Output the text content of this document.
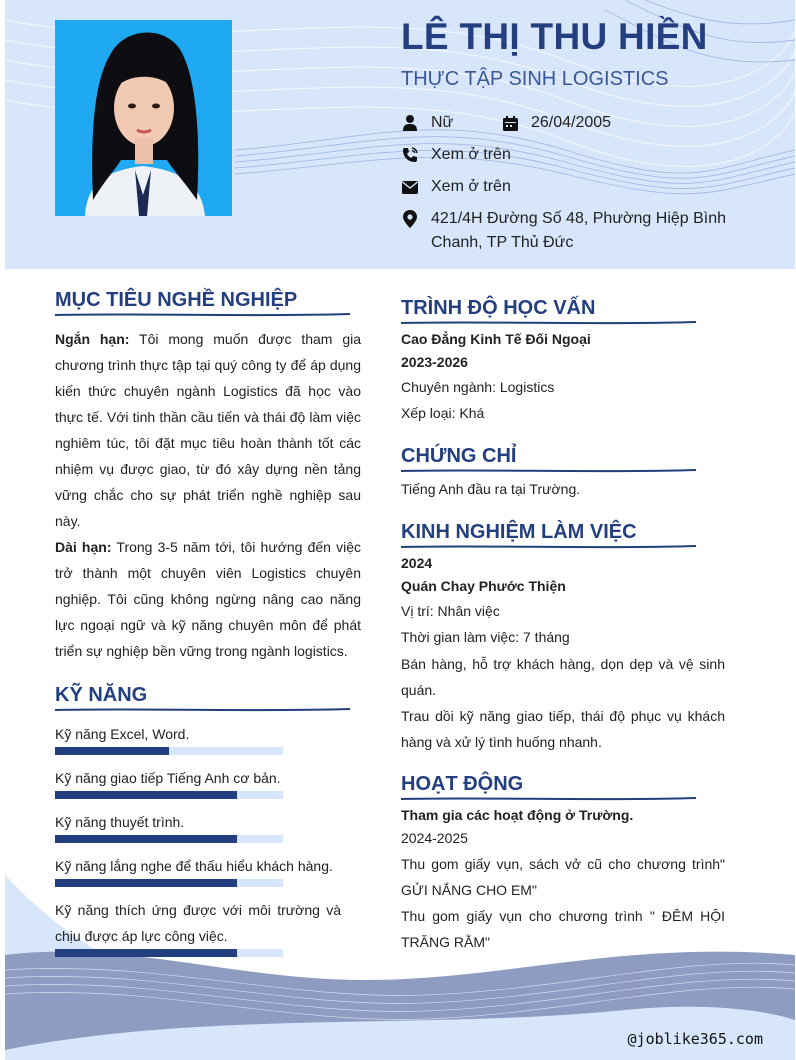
LÊ THỊ THU HIỀN
THỰC TẬP SINH LOGISTICS
Nữ	26/04/2005
Xem ở trên
Xem ở trên
421/4H Đường Số 48, Phường Hiệp Bình
Chanh, TP Thủ Đức
MỤC TIÊU NGHỀ NGHIỆP
Ngắn hạn: Tôi mong muốn được tham gia chương trình thực tập tại quý công ty để áp dụng kiến thức chuyên ngành Logistics đã học vào thực tế. Với tinh thần cầu tiến và thái độ làm việc nghiêm túc, tôi đặt mục tiêu hoàn thành tốt các nhiệm vụ được giao, từ đó xây dựng nền tảng vững chắc cho sự phát triển nghề nghiệp sau này.
Dài hạn: Trong 3-5 năm tới, tôi hướng đến việc trở thành một chuyên viên Logistics chuyên nghiệp. Tôi cũng không ngừng nâng cao năng lực ngoại ngữ và kỹ năng chuyên môn để phát triển sự nghiệp bền vững trong ngành logistics.
KỸ NĂNG
Kỹ năng Excel, Word.
Kỹ năng giao tiếp Tiếng Anh cơ bản.
Kỹ năng thuyết trình.
Kỹ năng lắng nghe để thấu hiểu khách hàng.
Kỹ năng thích ứng được với môi trường và chịu được áp lực công việc.
TRÌNH ĐỘ HỌC VẤN
Cao Đẳng Kinh Tế Đối Ngoại
2023-2026
Chuyên ngành: Logistics
Xếp loại: Khá
CHỨNG CHỈ
Tiếng Anh đầu ra tại Trường.
KINH NGHIỆM LÀM VIỆC
2024
Quán Chay Phước Thiện
Vị trí: Nhân việc
Thời gian làm việc: 7 tháng
Bán hàng, hỗ trợ khách hàng, dọn dẹp và vệ sinh quán.
Trau dồi kỹ năng giao tiếp, thái độ phục vụ khách hàng và xử lý tình huống nhanh.
HOẠT ĐỘNG
Tham gia các hoạt động ở Trường.
2024-2025
Thu gom giấy vụn, sách vở cũ cho chương trình" GỬI NẮNG CHO EM"
Thu gom giấy vụn cho chương trình " ĐÊM HỘI TRĂNG RẰM"
@joblike365.com
